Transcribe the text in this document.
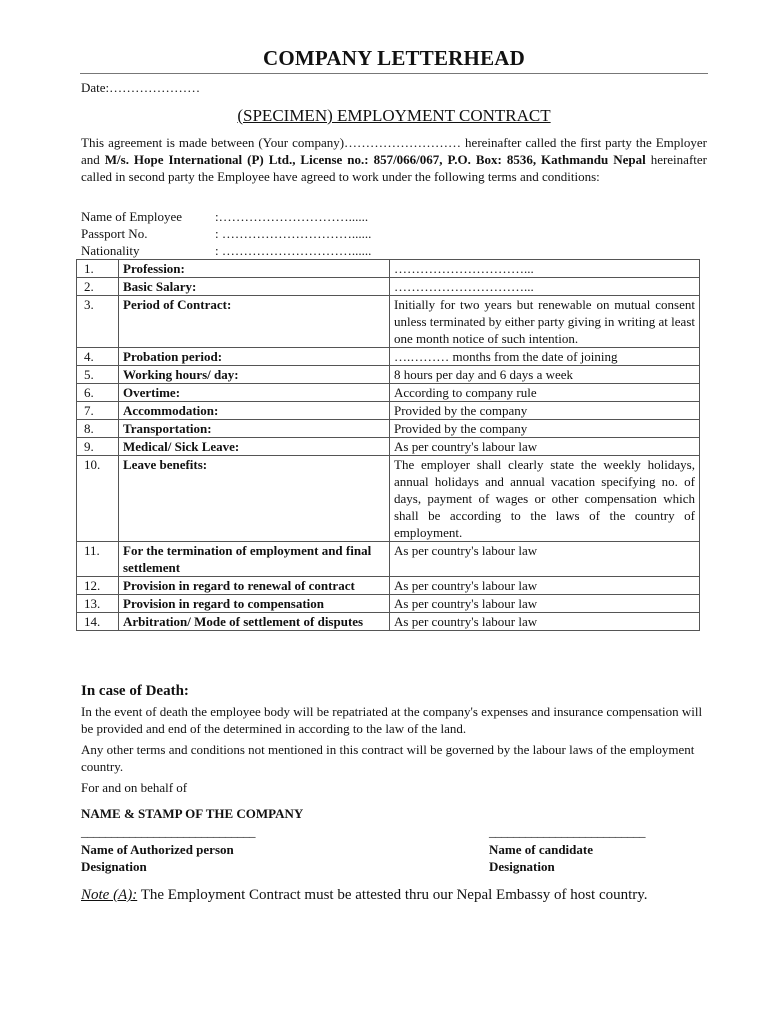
COMPANY LETTERHEAD
Date:…………………
(SPECIMEN) EMPLOYMENT CONTRACT
This agreement is made between (Your company)……………………… hereinafter called the first party the Employer and M/s. Hope International (P) Ltd., License no.: 857/066/067, P.O. Box: 8536, Kathmandu Nepal hereinafter called in second party the Employee have agreed to work under the following terms and conditions:
Name of Employee	:…………………………......
Passport No.	: …………………………......
Nationality	: …………………………......
1.	Profession:	…………………………...
2.	Basic Salary:	…………………………...
3.	Period of Contract:	Initially for two years but renewable on mutual consent unless terminated by either party giving in writing at least one month notice of such intention.
4.	Probation period:	….……… months from the date of joining
5.	Working hours/ day:	8 hours per day and 6 days a week
6.	Overtime:	According to company rule
7.	Accommodation:	Provided by the company
8.	Transportation:	Provided by the company
9.	Medical/ Sick Leave:	As per country's labour law
10.	Leave benefits:	The employer shall clearly state the weekly holidays, annual holidays and annual vacation specifying no. of days, payment of wages or other compensation which shall be according to the laws of the country of employment.
11.	For the termination of employment and final settlement	As per country's labour law
12.	Provision in regard to renewal of contract	As per country's labour law
13.	Provision in regard to compensation	As per country's labour law
14.	Arbitration/ Mode of settlement of disputes	As per country's labour law
In case of Death:
In the event of death the employee body will be repatriated at the company's expenses and insurance compensation will be provided and end of the determined in according to the law of the land.
Any other terms and conditions not mentioned in this contract will be governed by the labour laws of the employment country.
For and on behalf of
NAME & STAMP OF THE COMPANY
_____________________________	__________________________
Name of Authorized person
Designation
Name of candidate
Designation
Note (A): The Employment Contract must be attested thru our Nepal Embassy of host country.
